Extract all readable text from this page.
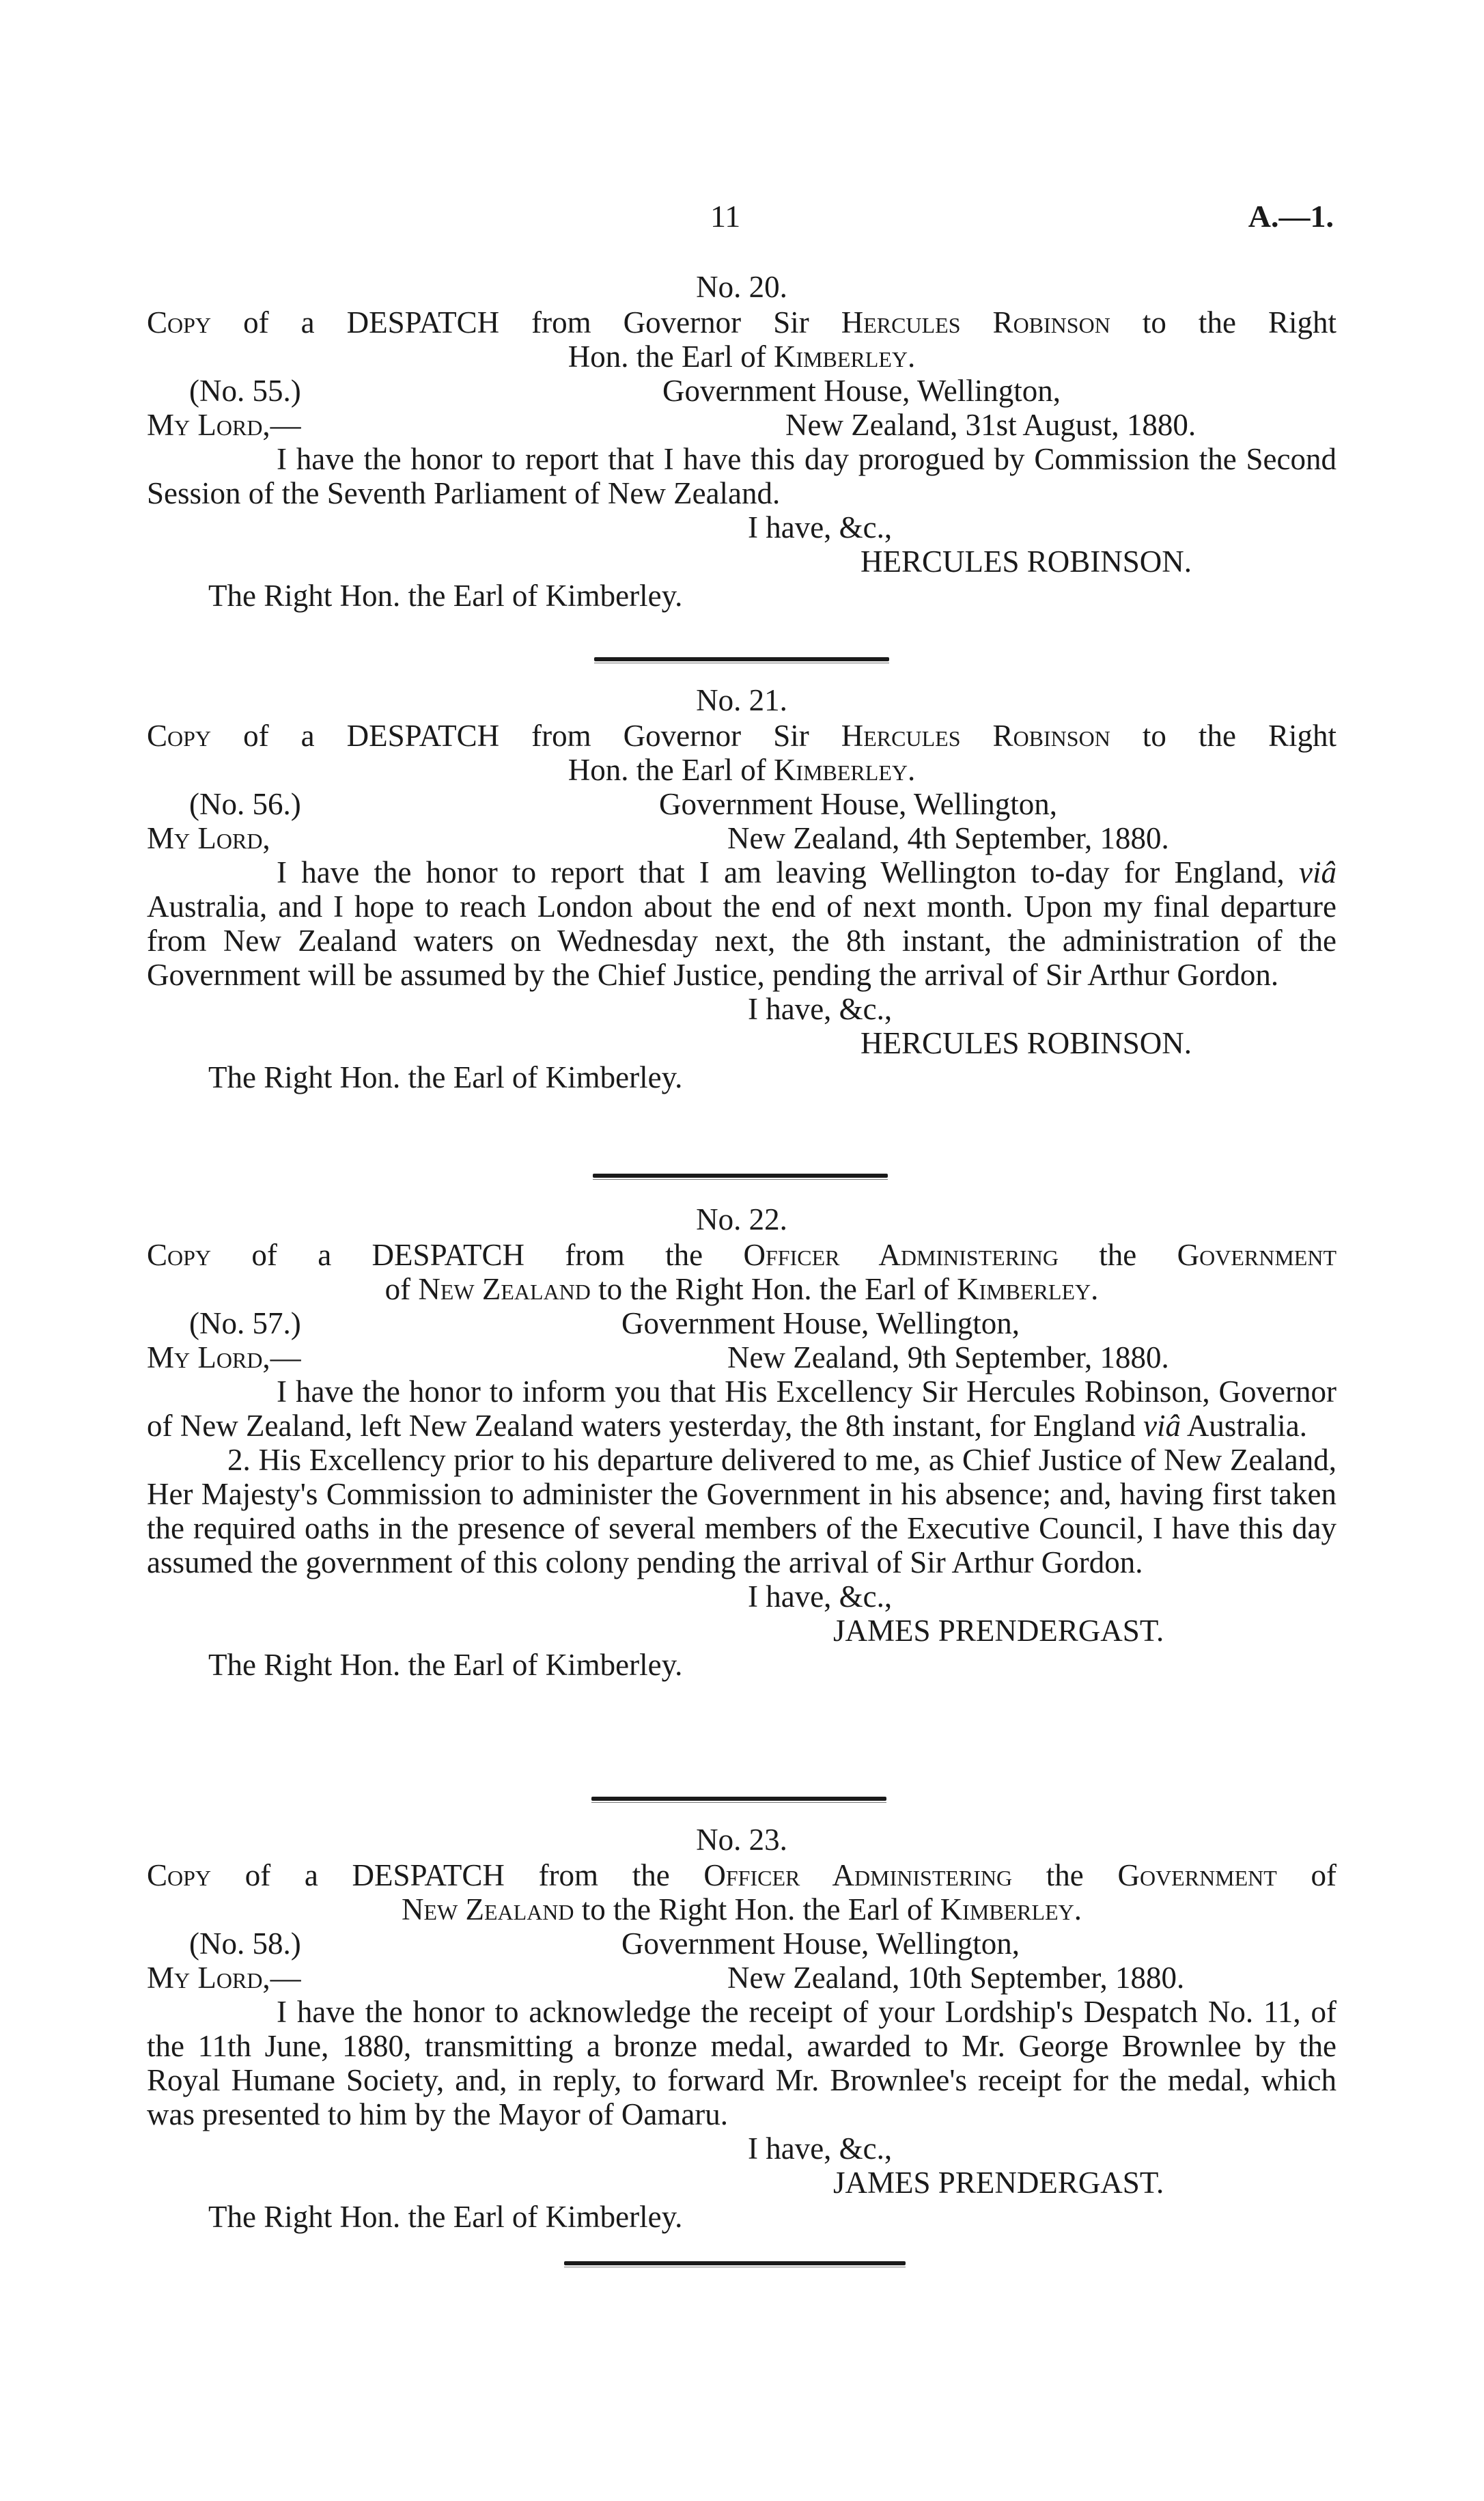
11	A.—1.
No. 20.
Copy of a DESPATCH from Governor Sir Hercules Robinson to the Right
Hon. the Earl of Kimberley.
(No. 55.)	Government House, Wellington,
My Lord,—	New Zealand, 31st August, 1880.

I have the honor to report that I have this day prorogued by Commission the Second Session of the Seventh Parliament of New Zealand.

I have, &c.,
HERCULES ROBINSON.
The Right Hon. the Earl of Kimberley.
No. 21.
Copy of a DESPATCH from Governor Sir Hercules Robinson to the Right
Hon. the Earl of Kimberley.
(No. 56.)	Government House, Wellington,
My Lord,	New Zealand, 4th September, 1880.

I have the honor to report that I am leaving Wellington to-day for England, viâ Australia, and I hope to reach London about the end of next month. Upon my final departure from New Zealand waters on Wednesday next, the 8th instant, the administration of the Government will be assumed by the Chief Justice, pending the arrival of Sir Arthur Gordon.

I have, &c.,
HERCULES ROBINSON.
The Right Hon. the Earl of Kimberley.
No. 22.
Copy of a DESPATCH from the Officer Administering the Government
of New Zealand to the Right Hon. the Earl of Kimberley.
(No. 57.)	Government House, Wellington,
My Lord,—	New Zealand, 9th September, 1880.

I have the honor to inform you that His Excellency Sir Hercules Robinson, Governor of New Zealand, left New Zealand waters yesterday, the 8th instant, for England viâ Australia.

2. His Excellency prior to his departure delivered to me, as Chief Justice of New Zealand, Her Majesty's Commission to administer the Government in his absence; and, having first taken the required oaths in the presence of several members of the Executive Council, I have this day assumed the government of this colony pending the arrival of Sir Arthur Gordon.

I have, &c.,
JAMES PRENDERGAST.
The Right Hon. the Earl of Kimberley.
No. 23.
Copy of a DESPATCH from the Officer Administering the Government of
New Zealand to the Right Hon. the Earl of Kimberley.
(No. 58.)	Government House, Wellington,
My Lord,—	New Zealand, 10th September, 1880.

I have the honor to acknowledge the receipt of your Lordship's Despatch No. 11, of the 11th June, 1880, transmitting a bronze medal, awarded to Mr. George Brownlee by the Royal Humane Society, and, in reply, to forward Mr. Brownlee's receipt for the medal, which was presented to him by the Mayor of Oamaru.

I have, &c.,
JAMES PRENDERGAST.
The Right Hon. the Earl of Kimberley.
